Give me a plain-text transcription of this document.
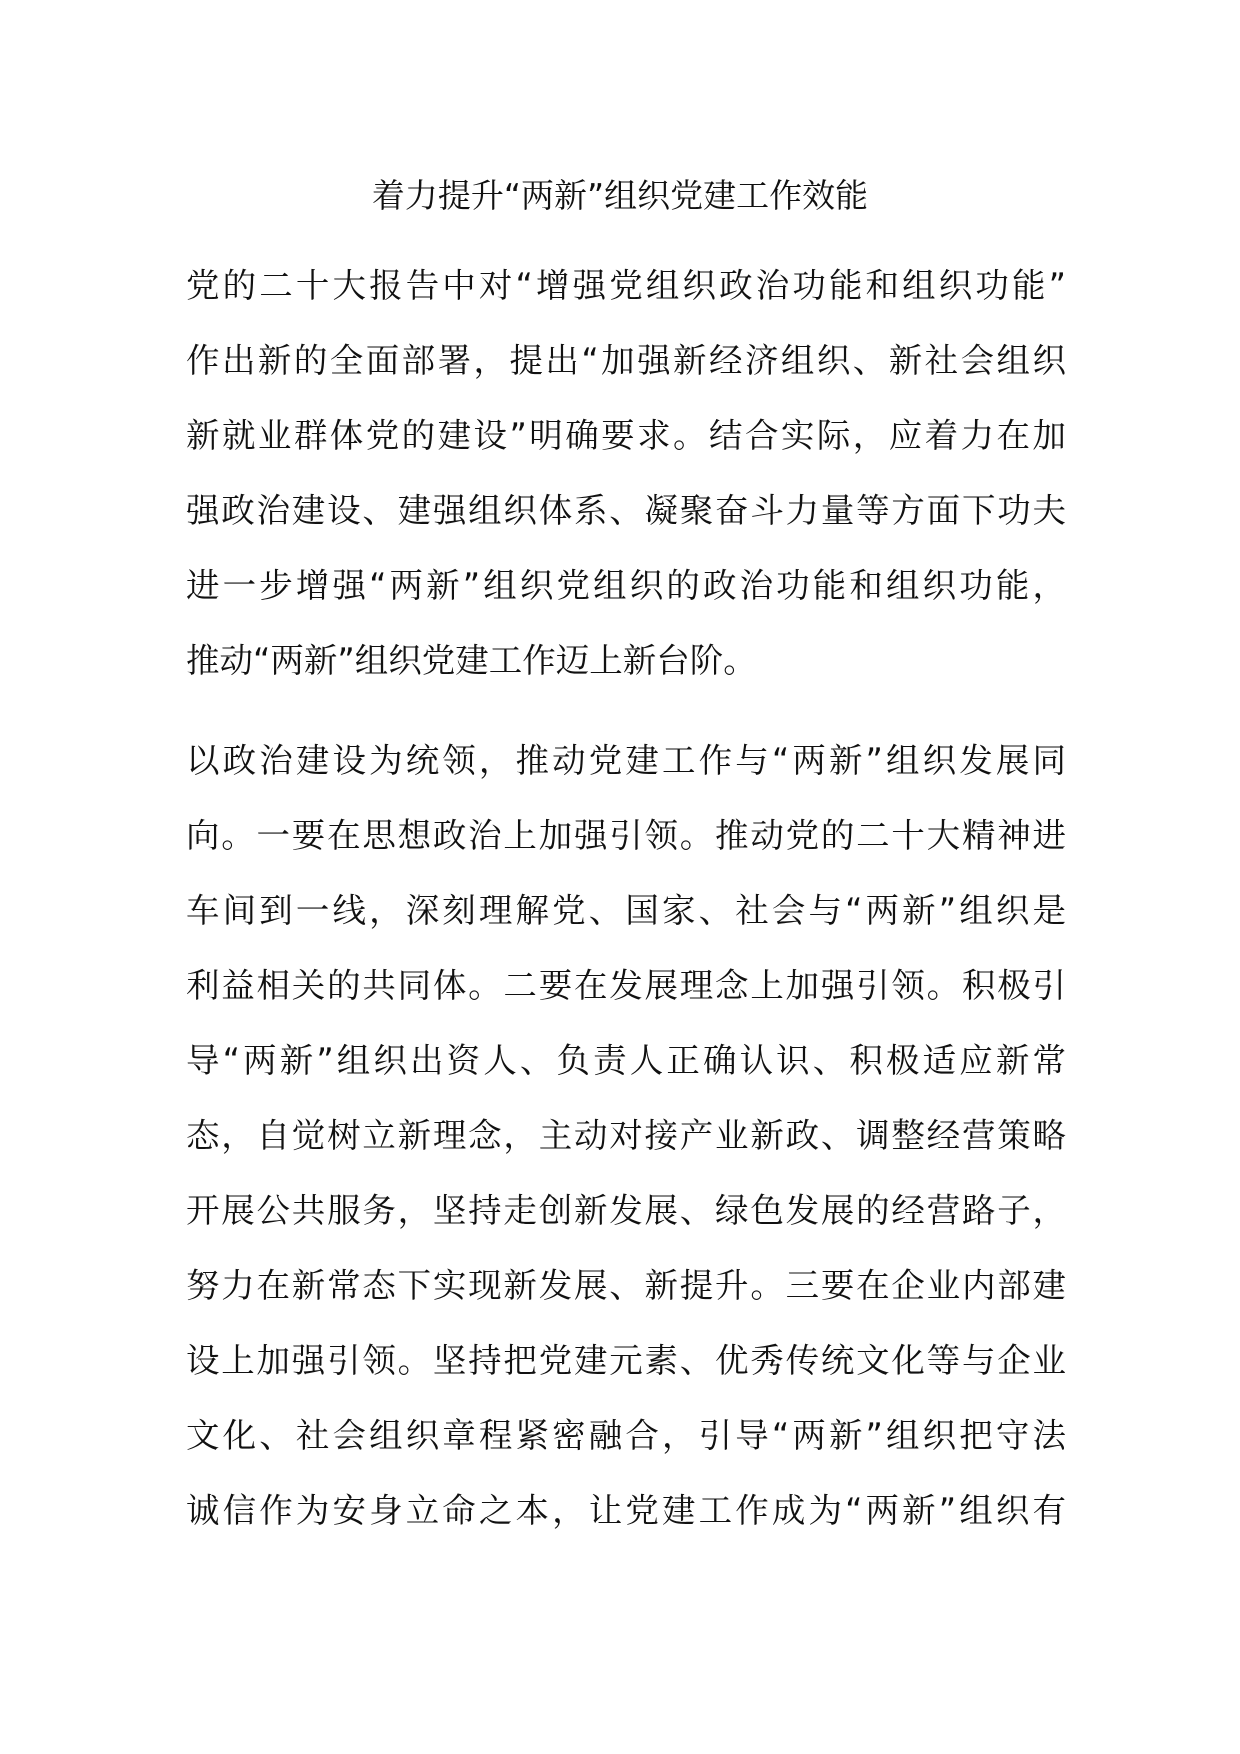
着力提升“两新”组织党建工作效能
党的二十大报告中对“增强党组织政治功能和组织功能”
作出新的全面部署，提出“加强新经济组织、新社会组织
新就业群体党的建设”明确要求。结合实际，应着力在加
强政治建设、建强组织体系、凝聚奋斗力量等方面下功夫
进一步增强“两新”组织党组织的政治功能和组织功能，
推动“两新”组织党建工作迈上新台阶。
以政治建设为统领，推动党建工作与“两新”组织发展同
向。一要在思想政治上加强引领。推动党的二十大精神进
车间到一线，深刻理解党、国家、社会与“两新”组织是
利益相关的共同体。二要在发展理念上加强引领。积极引
导“两新”组织出资人、负责人正确认识、积极适应新常
态，自觉树立新理念，主动对接产业新政、调整经营策略
开展公共服务，坚持走创新发展、绿色发展的经营路子，
努力在新常态下实现新发展、新提升。三要在企业内部建
设上加强引领。坚持把党建元素、优秀传统文化等与企业
文化、社会组织章程紧密融合，引导“两新”组织把守法
诚信作为安身立命之本，让党建工作成为“两新”组织有
